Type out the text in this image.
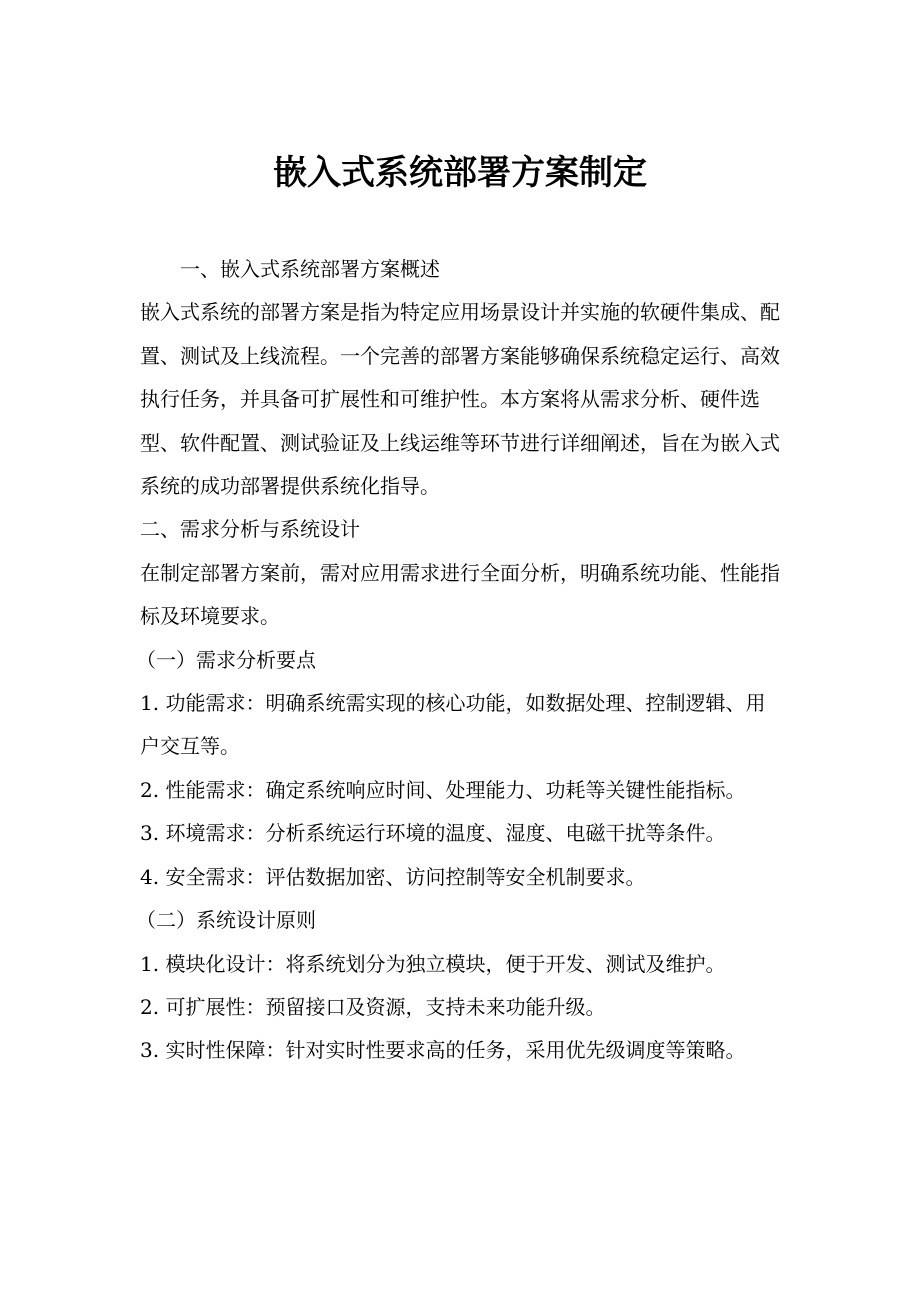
嵌入式系统部署方案制定

一、嵌入式系统部署方案概述

嵌入式系统的部署方案是指为特定应用场景设计并实施的软硬件集成、配置、测试及上线流程。一个完善的部署方案能够确保系统稳定运行、高效执行任务，并具备可扩展性和可维护性。本方案将从需求分析、硬件选型、软件配置、测试验证及上线运维等环节进行详细阐述，旨在为嵌入式系统的成功部署提供系统化指导。

二、需求分析与系统设计

在制定部署方案前，需对应用需求进行全面分析，明确系统功能、性能指标及环境要求。

（一）需求分析要点

1. 功能需求：明确系统需实现的核心功能，如数据处理、控制逻辑、用户交互等。

2. 性能需求：确定系统响应时间、处理能力、功耗等关键性能指标。

3. 环境需求：分析系统运行环境的温度、湿度、电磁干扰等条件。

4. 安全需求：评估数据加密、访问控制等安全机制要求。

（二）系统设计原则

1. 模块化设计：将系统划分为独立模块，便于开发、测试及维护。

2. 可扩展性：预留接口及资源，支持未来功能升级。

3. 实时性保障：针对实时性要求高的任务，采用优先级调度等策略。
